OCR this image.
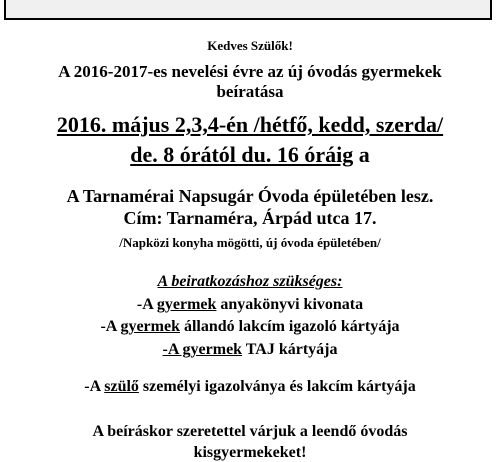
Kedves Szülők!
A 2016-2017-es nevelési évre az új óvodás gyermekek
beíratása
2016. május 2,3,4-én /hétfő, kedd, szerda/
de. 8 órától du. 16 óráig a
A Tarnamérai Napsugár Óvoda épületében lesz.
Cím: Tarnaméra, Árpád utca 17.
/Napközi konyha mögötti, új óvoda épületében/
A beiratkozáshoz szükséges:
-A gyermek anyakönyvi kivonata
-A gyermek állandó lakcím igazoló kártyája
-A gyermek TAJ kártyája
-A szülő személyi igazolványa és lakcím kártyája
A beíráskor szeretettel várjuk a leendő óvodás
kisgyermekeket!
